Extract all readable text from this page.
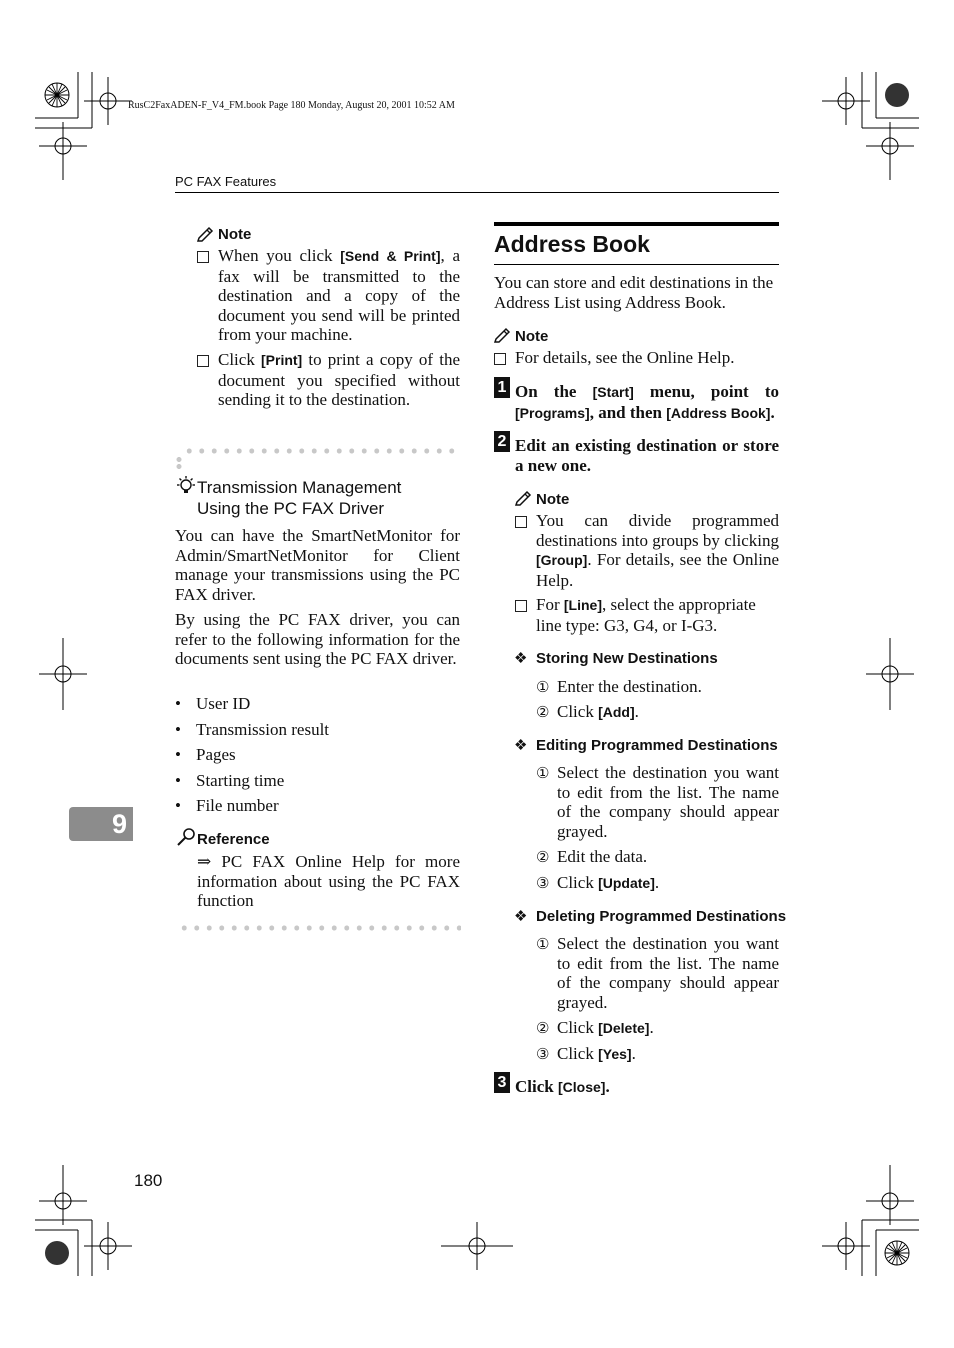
RusC2FaxADEN-F_V4_FM.book Page 180 Monday, August 20, 2001 10:52 AM
PC FAX Features
9
180
Note
When you click [Send & Print], a fax will be transmitted to the destination and a copy of the document you send will be printed from your machine.
Click [Print] to print a copy of the document you specified without sending it to the destination.
Transmission Management
Using the PC FAX Driver
You can have the SmartNetMonitor for Admin/SmartNetMonitor for Client manage your transmissions using the PC FAX driver.
By using the PC FAX driver, you can refer to the following information for the documents sent using the PC FAX driver.
• User ID
• Transmission result
• Pages
• Starting time
• File number
Reference
⇒ PC FAX Online Help for more information about using the PC FAX function
Address Book
You can store and edit destinations in the Address List using Address Book.
Note
For details, see the Online Help.
1 On the [Start] menu, point to [Programs], and then [Address Book].
2 Edit an existing destination or store a new one.
Note
You can divide programmed destinations into groups by clicking [Group]. For details, see the Online Help.
For [Line], select the appropriate line type: G3, G4, or I-G3.
❖ Storing New Destinations
① Enter the destination.
② Click [Add].
❖ Editing Programmed Destinations
① Select the destination you want to edit from the list. The name of the company should appear grayed.
② Edit the data.
③ Click [Update].
❖ Deleting Programmed Destinations
① Select the destination you want to edit from the list. The name of the company should appear grayed.
② Click [Delete].
③ Click [Yes].
3 Click [Close].
